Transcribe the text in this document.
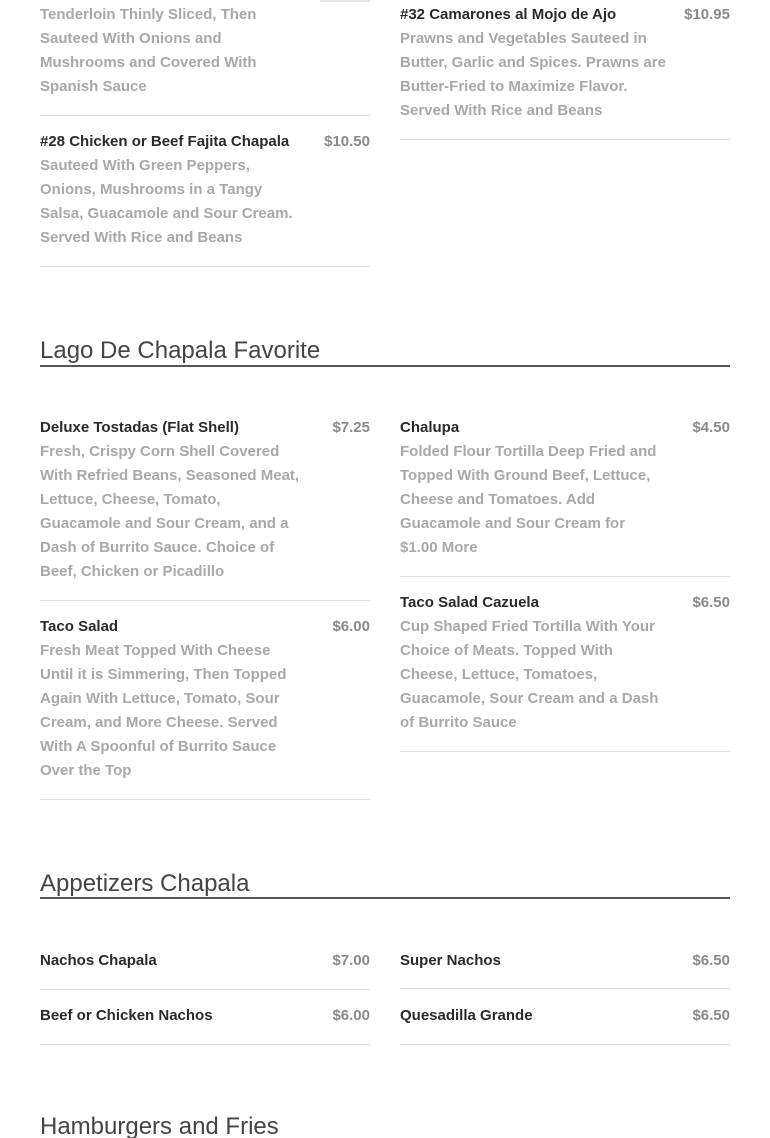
Tenderloin Thinly Sliced, Then Sauteed With Onions and Mushrooms and Covered With Spanish Sauce
#28 Chicken or Beef Fajita Chapala $10.50
Sauteed With Green Peppers, Onions, Mushrooms in a Tangy Salsa, Guacamole and Sour Cream. Served With Rice and Beans
#32 Camarones al Mojo de Ajo	$10.95
Prawns and Vegetables Sauteed in Butter, Garlic and Spices. Prawns are Butter-Fried to Maximize Flavor. Served With Rice and Beans
Lago De Chapala Favorite
Deluxe Tostadas (Flat Shell)	$7.25
Fresh, Crispy Corn Shell Covered With Refried Beans, Seasoned Meat, Lettuce, Cheese, Tomato, Guacamole and Sour Cream, and a Dash of Burrito Sauce. Choice of Beef, Chicken or Picadillo
Taco Salad	$6.00
Fresh Meat Topped With Cheese Until it is Simmering, Then Topped Again With Lettuce, Tomato, Sour Cream, and More Cheese. Served With A Spoonful of Burrito Sauce Over the Top
Chalupa	$4.50
Folded Flour Tortilla Deep Fried and Topped With Ground Beef, Lettuce, Cheese and Tomatoes. Add Guacamole and Sour Cream for $1.00 More
Taco Salad Cazuela	$6.50
Cup Shaped Fried Tortilla With Your Choice of Meats. Topped With Cheese, Lettuce, Tomatoes, Guacamole, Sour Cream and a Dash of Burrito Sauce
Appetizers Chapala
Nachos Chapala	$7.00
Beef or Chicken Nachos	$6.00
Super Nachos	$6.50
Quesadilla Grande	$6.50
Hamburgers and Fries
